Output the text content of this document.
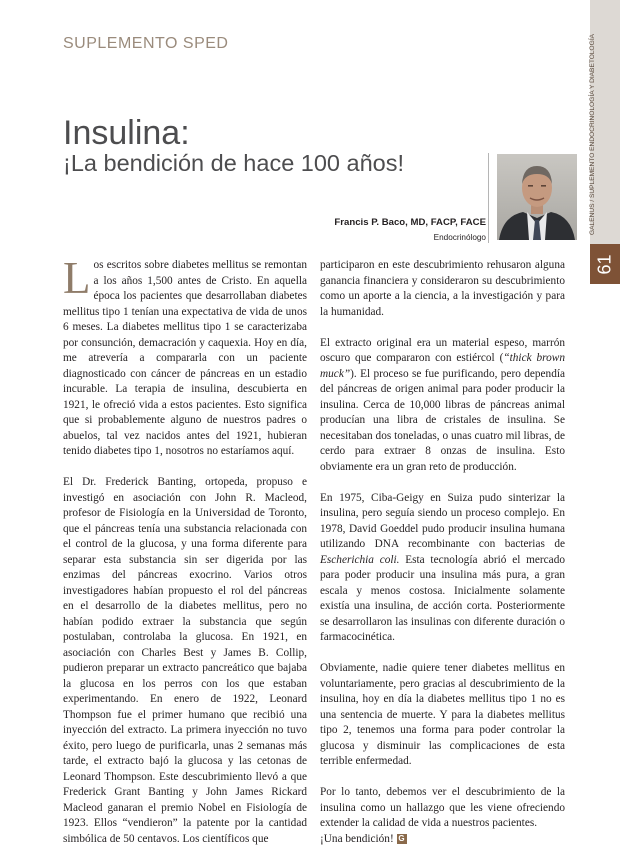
SUPLEMENTO SPED
Insulina:
¡La bendición de hace 100 años!
Francis P. Baco, MD, FACP, FACE
Endocrinólogo
GALENUS / SUPLEMENTO ENDOCRINOLOGÍA Y DIABETOLOGÍA
61

Los escritos sobre diabetes mellitus se remontan a los años 1,500 antes de Cristo. En aquella época los pacientes que desarrollaban diabetes mellitus tipo 1 tenían una expectativa de vida de unos 6 meses. La diabetes mellitus tipo 1 se caracterizaba por consunción, demacración y caquexia. Hoy en día, me atrevería a compararla con un paciente diagnosticado con cáncer de páncreas en un estadio incurable. La terapia de insulina, descubierta en 1921, le ofreció vida a estos pacientes. Esto significa que si probablemente alguno de nuestros padres o abuelos, tal vez nacidos antes del 1921, hubieran tenido diabetes tipo 1, nosotros no estaríamos aquí.

El Dr. Frederick Banting, ortopeda, propuso e investigó en asociación con John R. Macleod, profesor de Fisiología en la Universidad de Toronto, que el páncreas tenía una substancia relacionada con el control de la glucosa, y una forma diferente para separar esta substancia sin ser digerida por las enzimas del páncreas exocrino. Varios otros investigadores habían propuesto el rol del páncreas en el desarrollo de la diabetes mellitus, pero no habían podido extraer la substancia que según postulaban, controlaba la glucosa. En 1921, en asociación con Charles Best y James B. Collip, pudieron preparar un extracto pancreático que bajaba la glucosa en los perros con los que estaban experimentando. En enero de 1922, Leonard Thompson fue el primer humano que recibió una inyección del extracto. La primera inyección no tuvo éxito, pero luego de purificarla, unas 2 semanas más tarde, el extracto bajó la glucosa y las cetonas de Leonard Thompson. Este descubrimiento llevó a que Frederick Grant Banting y John James Rickard Macleod ganaran el premio Nobel en Fisiología de 1923. Ellos “vendieron” la patente por la cantidad simbólica de 50 centavos. Los científicos que

participaron en este descubrimiento rehusaron alguna ganancia financiera y consideraron su descubrimiento como un aporte a la ciencia, a la investigación y para la humanidad.

El extracto original era un material espeso, marrón oscuro que compararon con estiércol (“thick brown muck”). El proceso se fue purificando, pero dependía del páncreas de origen animal para poder producir la insulina. Cerca de 10,000 libras de páncreas animal producían una libra de cristales de insulina. Se necesitaban dos toneladas, o unas cuatro mil libras, de cerdo para extraer 8 onzas de insulina. Esto obviamente era un gran reto de producción.

En 1975, Ciba-Geigy en Suiza pudo sinterizar la insulina, pero seguía siendo un proceso complejo. En 1978, David Goeddel pudo producir insulina humana utilizando DNA recombinante con bacterias de Escherichia coli. Esta tecnología abrió el mercado para poder producir una insulina más pura, a gran escala y menos costosa. Inicialmente solamente existía una insulina, de acción corta. Posteriormente se desarrollaron las insulinas con diferente duración o farmacocinética.

Obviamente, nadie quiere tener diabetes mellitus en voluntariamente, pero gracias al descubrimiento de la insulina, hoy en día la diabetes mellitus tipo 1 no es una sentencia de muerte. Y para la diabetes mellitus tipo 2, tenemos una forma para poder controlar la glucosa y disminuir las complicaciones de esta terrible enfermedad.

Por lo tanto, debemos ver el descubrimiento de la insulina como un hallazgo que les viene ofreciendo extender la calidad de vida a nuestros pacientes.
¡Una bendición! G
